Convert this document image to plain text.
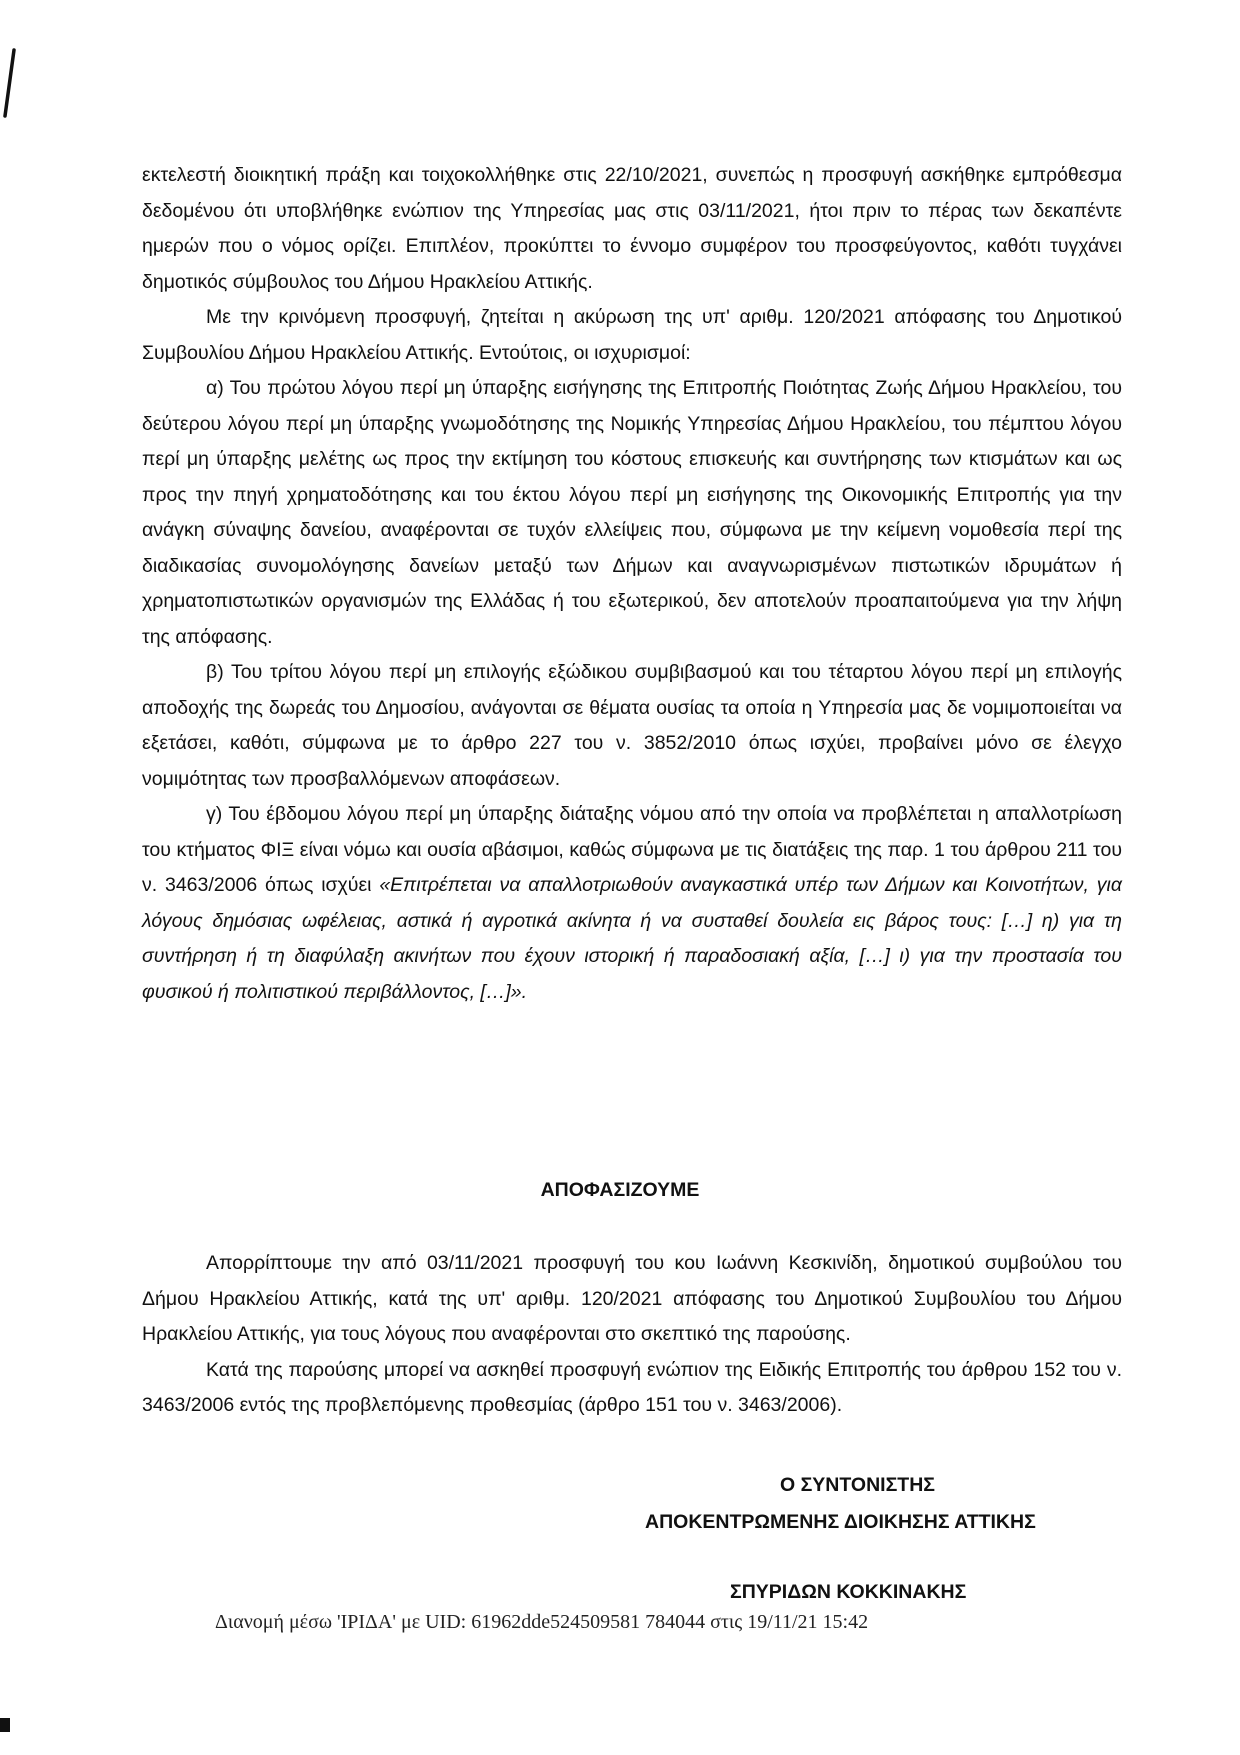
εκτελεστή διοικητική πράξη και τοιχοκολλήθηκε στις 22/10/2021, συνεπώς η προσφυγή ασκήθηκε εμπρόθεσμα δεδομένου ότι υποβλήθηκε ενώπιον της Υπηρεσίας μας στις 03/11/2021, ήτοι πριν το πέρας των δεκαπέντε ημερών που ο νόμος ορίζει. Επιπλέον, προκύπτει το έννομο συμφέρον του προσφεύγοντος, καθότι τυγχάνει δημοτικός σύμβουλος του Δήμου Ηρακλείου Αττικής.

Με την κρινόμενη προσφυγή, ζητείται η ακύρωση της υπ' αριθμ. 120/2021 απόφασης του Δημοτικού Συμβουλίου Δήμου Ηρακλείου Αττικής. Εντούτοις, οι ισχυρισμοί:

α) Του πρώτου λόγου περί μη ύπαρξης εισήγησης της Επιτροπής Ποιότητας Ζωής Δήμου Ηρακλείου, του δεύτερου λόγου περί μη ύπαρξης γνωμοδότησης της Νομικής Υπηρεσίας Δήμου Ηρακλείου, του πέμπτου λόγου περί μη ύπαρξης μελέτης ως προς την εκτίμηση του κόστους επισκευής και συντήρησης των κτισμάτων και ως προς την πηγή χρηματοδότησης και του έκτου λόγου περί μη εισήγησης της Οικονομικής Επιτροπής για την ανάγκη σύναψης δανείου, αναφέρονται σε τυχόν ελλείψεις που, σύμφωνα με την κείμενη νομοθεσία περί της διαδικασίας συνομολόγησης δανείων μεταξύ των Δήμων και αναγνωρισμένων πιστωτικών ιδρυμάτων ή χρηματοπιστωτικών οργανισμών της Ελλάδας ή του εξωτερικού, δεν αποτελούν προαπαιτούμενα για την λήψη της απόφασης.

β) Του τρίτου λόγου περί μη επιλογής εξώδικου συμβιβασμού και του τέταρτου λόγου περί μη επιλογής αποδοχής της δωρεάς του Δημοσίου, ανάγονται σε θέματα ουσίας τα οποία η Υπηρεσία μας δε νομιμοποιείται να εξετάσει, καθότι, σύμφωνα με το άρθρο 227 του ν. 3852/2010 όπως ισχύει, προβαίνει μόνο σε έλεγχο νομιμότητας των προσβαλλόμενων αποφάσεων.

γ) Του έβδομου λόγου περί μη ύπαρξης διάταξης νόμου από την οποία να προβλέπεται η απαλλοτρίωση του κτήματος ΦΙΞ είναι νόμω και ουσία αβάσιμοι, καθώς σύμφωνα με τις διατάξεις της παρ. 1 του άρθρου 211 του ν. 3463/2006 όπως ισχύει «Επιτρέπεται να απαλλοτριωθούν αναγκαστικά υπέρ των Δήμων και Κοινοτήτων, για λόγους δημόσιας ωφέλειας, αστικά ή αγροτικά ακίνητα ή να συσταθεί δουλεία εις βάρος τους: […] η) για τη συντήρηση ή τη διαφύλαξη ακινήτων που έχουν ιστορική ή παραδοσιακή αξία, […] ι) για την προστασία του φυσικού ή πολιτιστικού περιβάλλοντος, […]».

ΑΠΟΦΑΣΙΖΟΥΜΕ

Απορρίπτουμε την από 03/11/2021 προσφυγή του κου Ιωάννη Κεσκινίδη, δημοτικού συμβούλου του Δήμου Ηρακλείου Αττικής, κατά της υπ' αριθμ. 120/2021 απόφασης του Δημοτικού Συμβουλίου του Δήμου Ηρακλείου Αττικής, για τους λόγους που αναφέρονται στο σκεπτικό της παρούσης.

Κατά της παρούσης μπορεί να ασκηθεί προσφυγή ενώπιον της Ειδικής Επιτροπής του άρθρου 152 του ν. 3463/2006 εντός της προβλεπόμενης προθεσμίας (άρθρο 151 του ν. 3463/2006).

Ο ΣΥΝΤΟΝΙΣΤΗΣ
ΑΠΟΚΕΝΤΡΩΜΕΝΗΣ ΔΙΟΙΚΗΣΗΣ ΑΤΤΙΚΗΣ
ΣΠΥΡΙΔΩΝ ΚΟΚΚΙΝΑΚΗΣ
Διανομή μέσω 'ΙΡΙΔΑ' με UID: 61962dde524509581 784044 στις 19/11/21 15:42
